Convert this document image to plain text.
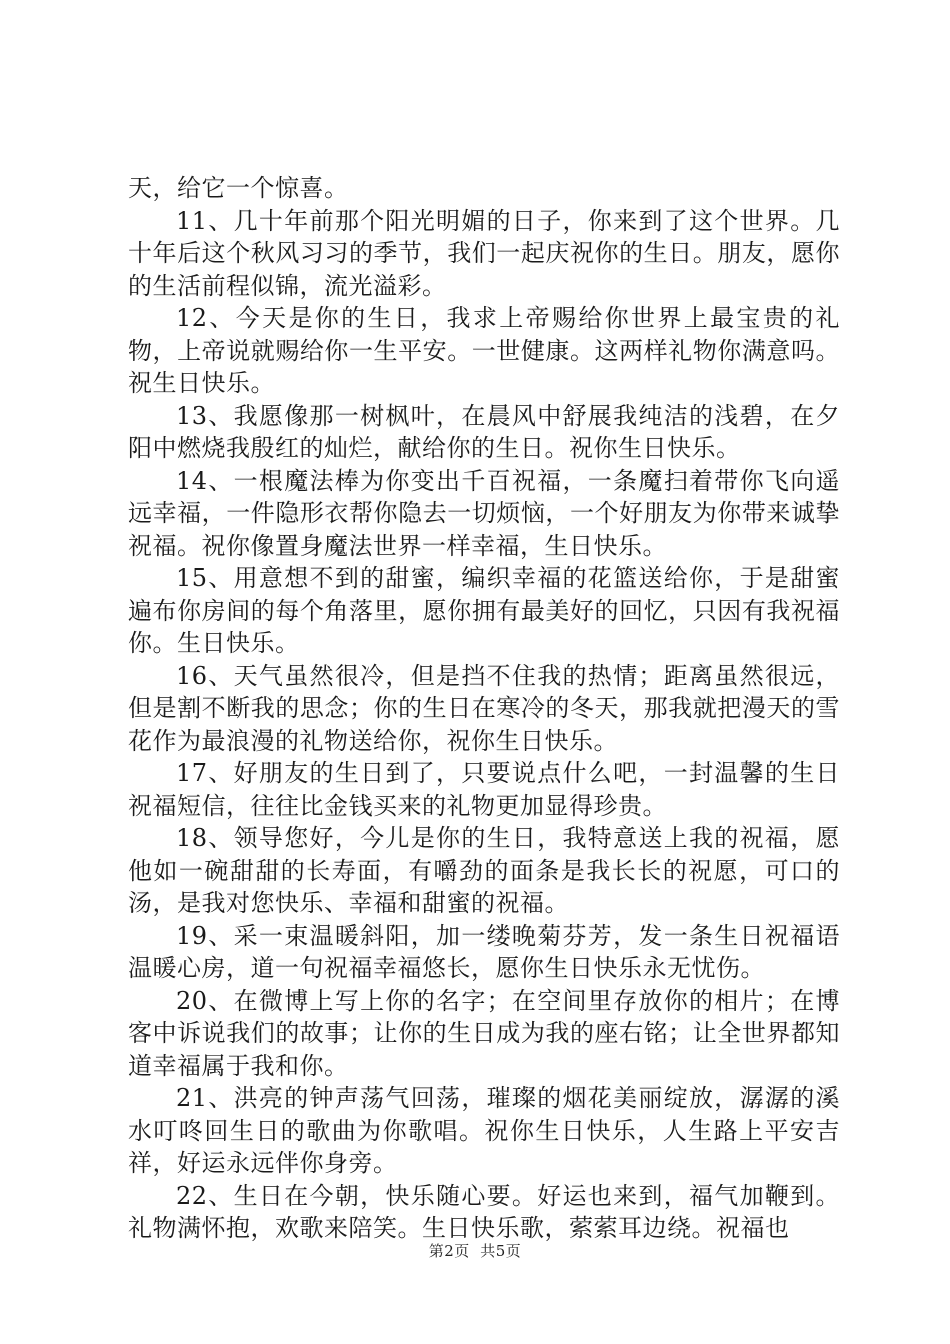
天，给它一个惊喜。

11、几十年前那个阳光明媚的日子，你来到了这个世界。几十年后这个秋风习习的季节，我们一起庆祝你的生日。朋友，愿你的生活前程似锦，流光溢彩。

12、今天是你的生日，我求上帝赐给你世界上最宝贵的礼物，上帝说就赐给你一生平安。一世健康。这两样礼物你满意吗。祝生日快乐。

13、我愿像那一树枫叶，在晨风中舒展我纯洁的浅碧，在夕阳中燃烧我殷红的灿烂，献给你的生日。祝你生日快乐。

14、一根魔法棒为你变出千百祝福，一条魔扫着带你飞向遥远幸福，一件隐形衣帮你隐去一切烦恼，一个好朋友为你带来诚挚祝福。祝你像置身魔法世界一样幸福，生日快乐。

15、用意想不到的甜蜜，编织幸福的花篮送给你，于是甜蜜遍布你房间的每个角落里，愿你拥有最美好的回忆，只因有我祝福你。生日快乐。

16、天气虽然很冷，但是挡不住我的热情；距离虽然很远，但是割不断我的思念；你的生日在寒冷的冬天，那我就把漫天的雪花作为最浪漫的礼物送给你，祝你生日快乐。

17、好朋友的生日到了，只要说点什么吧，一封温馨的生日祝福短信，往往比金钱买来的礼物更加显得珍贵。

18、领导您好，今儿是你的生日，我特意送上我的祝福，愿他如一碗甜甜的长寿面，有嚼劲的面条是我长长的祝愿，可口的汤，是我对您快乐、幸福和甜蜜的祝福。

19、采一束温暖斜阳，加一缕晚菊芬芳，发一条生日祝福语温暖心房，道一句祝福幸福悠长，愿你生日快乐永无忧伤。

20、在微博上写上你的名字；在空间里存放你的相片；在博客中诉说我们的故事；让你的生日成为我的座右铭；让全世界都知道幸福属于我和你。

21、洪亮的钟声荡气回荡，璀璨的烟花美丽绽放，潺潺的溪水叮咚回生日的歌曲为你歌唱。祝你生日快乐，人生路上平安吉祥，好运永远伴你身旁。

22、生日在今朝，快乐随心要。好运也来到，福气加鞭到。礼物满怀抱，欢歌来陪笑。生日快乐歌，萦萦耳边绕。祝福也

第2页  共5页
